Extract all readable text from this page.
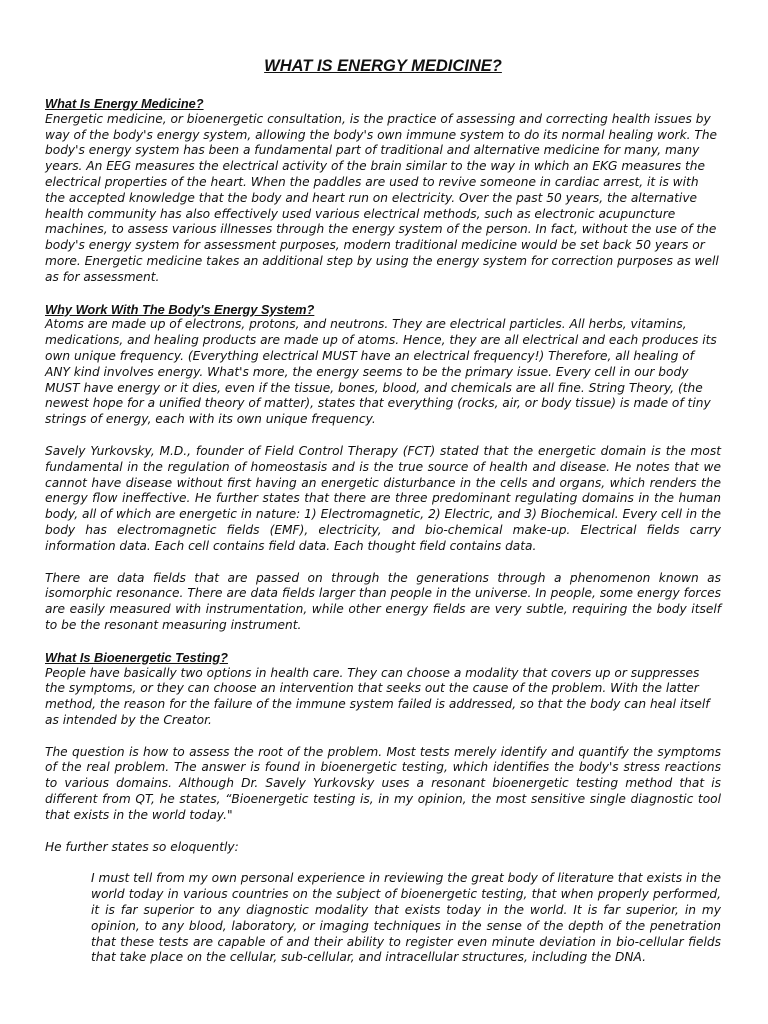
WHAT IS ENERGY MEDICINE?
What Is Energy Medicine?

Energetic medicine, or bioenergetic consultation, is the practice of assessing and correcting health issues by way of the body's energy system, allowing the body's own immune system to do its normal healing work. The body's energy system has been a fundamental part of traditional and alternative medicine for many, many years. An EEG measures the electrical activity of the brain similar to the way in which an EKG measures the electrical properties of the heart. When the paddles are used to revive someone in cardiac arrest, it is with the accepted knowledge that the body and heart run on electricity. Over the past 50 years, the alternative health community has also effectively used various electrical methods, such as electronic acupuncture machines, to assess various illnesses through the energy system of the person. In fact, without the use of the body's energy system for assessment purposes, modern traditional medicine would be set back 50 years or more. Energetic medicine takes an additional step by using the energy system for correction purposes as well as for assessment.

Why Work With The Body's Energy System?

Atoms are made up of electrons, protons, and neutrons. They are electrical particles. All herbs, vitamins, medications, and healing products are made up of atoms. Hence, they are all electrical and each produces its own unique frequency. (Everything electrical MUST have an electrical frequency!) Therefore, all healing of ANY kind involves energy. What's more, the energy seems to be the primary issue. Every cell in our body MUST have energy or it dies, even if the tissue, bones, blood, and chemicals are all fine. String Theory, (the newest hope for a unified theory of matter), states that everything (rocks, air, or body tissue) is made of tiny strings of energy, each with its own unique frequency.

Savely Yurkovsky, M.D., founder of Field Control Therapy (FCT) stated that the energetic domain is the most fundamental in the regulation of homeostasis and is the true source of health and disease. He notes that we cannot have disease without first having an energetic disturbance in the cells and organs, which renders the energy flow ineffective. He further states that there are three predominant regulating domains in the human body, all of which are energetic in nature: 1) Electromagnetic, 2) Electric, and 3) Biochemical. Every cell in the body has electromagnetic fields (EMF), electricity, and bio-chemical make-up. Electrical fields carry information data. Each cell contains field data. Each thought field contains data.

There are data fields that are passed on through the generations through a phenomenon known as isomorphic resonance. There are data fields larger than people in the universe. In people, some energy forces are easily measured with instrumentation, while other energy fields are very subtle, requiring the body itself to be the resonant measuring instrument.

What Is Bioenergetic Testing?

People have basically two options in health care. They can choose a modality that covers up or suppresses the symptoms, or they can choose an intervention that seeks out the cause of the problem. With the latter method, the reason for the failure of the immune system failed is addressed, so that the body can heal itself as intended by the Creator.

The question is how to assess the root of the problem. Most tests merely identify and quantify the symptoms of the real problem. The answer is found in bioenergetic testing, which identifies the body's stress reactions to various domains. Although Dr. Savely Yurkovsky uses a resonant bioenergetic testing method that is different from QT, he states, “Bioenergetic testing is, in my opinion, the most sensitive single diagnostic tool that exists in the world today."

He further states so eloquently:

I must tell from my own personal experience in reviewing the great body of literature that exists in the world today in various countries on the subject of bioenergetic testing, that when properly performed, it is far superior to any diagnostic modality that exists today in the world. It is far superior, in my opinion, to any blood, laboratory, or imaging techniques in the sense of the depth of the penetration that these tests are capable of and their ability to register even minute deviation in bio-cellular fields that take place on the cellular, sub-cellular, and intracellular structures, including the DNA.
